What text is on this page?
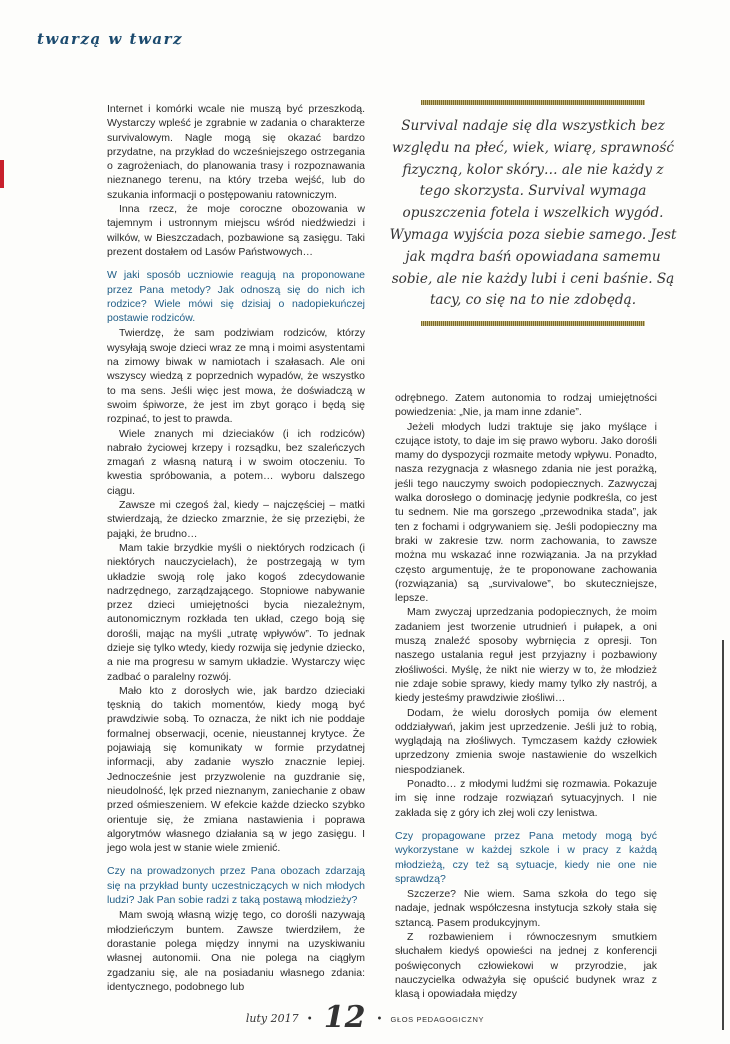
twarzą w twarz

Internet i komórki wcale nie muszą być przeszkodą. Wystarczy wpleść je zgrabnie w zadania o charakterze survivalowym. Nagle mogą się okazać bardzo przydatne, na przykład do wcześniejszego ostrzegania o zagrożeniach, do planowania trasy i rozpoznawania nieznanego terenu, na który trzeba wejść, lub do szukania informacji o postępowaniu ratowniczym.

Inna rzecz, że moje coroczne obozowania w tajemnym i ustronnym miejscu wśród niedźwiedzi i wilków, w Bieszczadach, pozbawione są zasięgu. Taki prezent dostałem od Lasów Państwowych…

W jaki sposób uczniowie reagują na proponowane przez Pana metody? Jak odnoszą się do nich ich rodzice? Wiele mówi się dzisiaj o nadopiekuńczej postawie rodziców.

Twierdzę, że sam podziwiam rodziców, którzy wysyłają swoje dzieci wraz ze mną i moimi asystentami na zimowy biwak w namiotach i szałasach. Ale oni wszyscy wiedzą z poprzednich wypadów, że wszystko to ma sens. Jeśli więc jest mowa, że doświadczą w swoim śpiworze, że jest im zbyt gorąco i będą się rozpinać, to jest to prawda.

Wiele znanych mi dzieciaków (i ich rodziców) nabrało życiowej krzepy i rozsądku, bez szaleńczych zmagań z własną naturą i w swoim otoczeniu. To kwestia spróbowania, a potem… wyboru dalszego ciągu.

Zawsze mi czegoś żal, kiedy – najczęściej – matki stwierdzają, że dziecko zmarznie, że się przeziębi, że pająki, że brudno…

Mam takie brzydkie myśli o niektórych rodzicach (i niektórych nauczycielach), że postrzegają w tym układzie swoją rolę jako kogoś zdecydowanie nadrzędnego, zarządzającego. Stopniowe nabywanie przez dzieci umiejętności bycia niezależnym, autonomicznym rozkłada ten układ, czego boją się dorośli, mając na myśli „utratę wpływów”. To jednak dzieje się tylko wtedy, kiedy rozwija się jedynie dziecko, a nie ma progresu w samym układzie. Wystarczy więc zadbać o paralelny rozwój.

Mało kto z dorosłych wie, jak bardzo dzieciaki tęsknią do takich momentów, kiedy mogą być prawdziwie sobą. To oznacza, że nikt ich nie poddaje formalnej obserwacji, ocenie, nieustannej krytyce. Że pojawiają się komunikaty w formie przydatnej informacji, aby zadanie wyszło znacznie lepiej. Jednocześnie jest przyzwolenie na guzdranie się, nieudolność, lęk przed nieznanym, zaniechanie z obaw przed ośmieszeniem. W efekcie każde dziecko szybko orientuje się, że zmiana nastawienia i poprawa algorytmów własnego działania są w jego zasięgu. I jego wola jest w stanie wiele zmienić.

Czy na prowadzonych przez Pana obozach zdarzają się na przykład bunty uczestniczących w nich młodych ludzi? Jak Pan sobie radzi z taką postawą młodzieży?

Mam swoją własną wizję tego, co dorośli nazywają młodzieńczym buntem. Zawsze twierdziłem, że dorastanie polega między innymi na uzyskiwaniu własnej autonomii. Ona nie polega na ciągłym zgadzaniu się, ale na posiadaniu własnego zdania: identycznego, podobnego lub

Survival nadaje się dla wszystkich bez względu na płeć, wiek, wiarę, sprawność fizyczną, kolor skóry… ale nie każdy z tego skorzysta. Survival wymaga opuszczenia fotela i wszelkich wygód. Wymaga wyjścia poza siebie samego. Jest jak mądra baśń opowiadana samemu sobie, ale nie każdy lubi i ceni baśnie. Są tacy, co się na to nie zdobędą.

odrębnego. Zatem autonomia to rodzaj umiejętności powiedzenia: „Nie, ja mam inne zdanie”.

Jeżeli młodych ludzi traktuje się jako myślące i czujące istoty, to daje im się prawo wyboru. Jako dorośli mamy do dyspozycji rozmaite metody wpływu. Ponadto, nasza rezygnacja z własnego zdania nie jest porażką, jeśli tego nauczymy swoich podopiecznych. Zazwyczaj walka dorosłego o dominację jedynie podkreśla, co jest tu sednem. Nie ma gorszego „przewodnika stada”, jak ten z fochami i odgrywaniem się. Jeśli podopieczny ma braki w zakresie tzw. norm zachowania, to zawsze można mu wskazać inne rozwiązania. Ja na przykład często argumentuję, że te proponowane zachowania (rozwiązania) są „survivalowe”, bo skuteczniejsze, lepsze.

Mam zwyczaj uprzedzania podopiecznych, że moim zadaniem jest tworzenie utrudnień i pułapek, a oni muszą znaleźć sposoby wybrnięcia z opresji. Ton naszego ustalania reguł jest przyjazny i pozbawiony złośliwości. Myślę, że nikt nie wierzy w to, że młodzież nie zdaje sobie sprawy, kiedy mamy tylko zły nastrój, a kiedy jesteśmy prawdziwie złośliwi…

Dodam, że wielu dorosłych pomija ów element oddziaływań, jakim jest uprzedzenie. Jeśli już to robią, wyglądają na złośliwych. Tymczasem każdy człowiek uprzedzony zmienia swoje nastawienie do wszelkich niespodzianek.

Ponadto… z młodymi ludźmi się rozmawia. Pokazuje im się inne rodzaje rozwiązań sytuacyjnych. I nie zakłada się z góry ich złej woli czy lenistwa.

Czy propagowane przez Pana metody mogą być wykorzystane w każdej szkole i w pracy z każdą młodzieżą, czy też są sytuacje, kiedy nie one nie sprawdzą?

Szczerze? Nie wiem. Sama szkoła do tego się nadaje, jednak współczesna instytucja szkoły stała się sztancą. Pasem produkcyjnym.

Z rozbawieniem i równoczesnym smutkiem słuchałem kiedyś opowieści na jednej z konferencji poświęconych człowiekowi w przyrodzie, jak nauczycielka odważyła się opuścić budynek wraz z klasą i opowiadała między

luty 2017 • 12 • GŁOS PEDAGOGICZNY
